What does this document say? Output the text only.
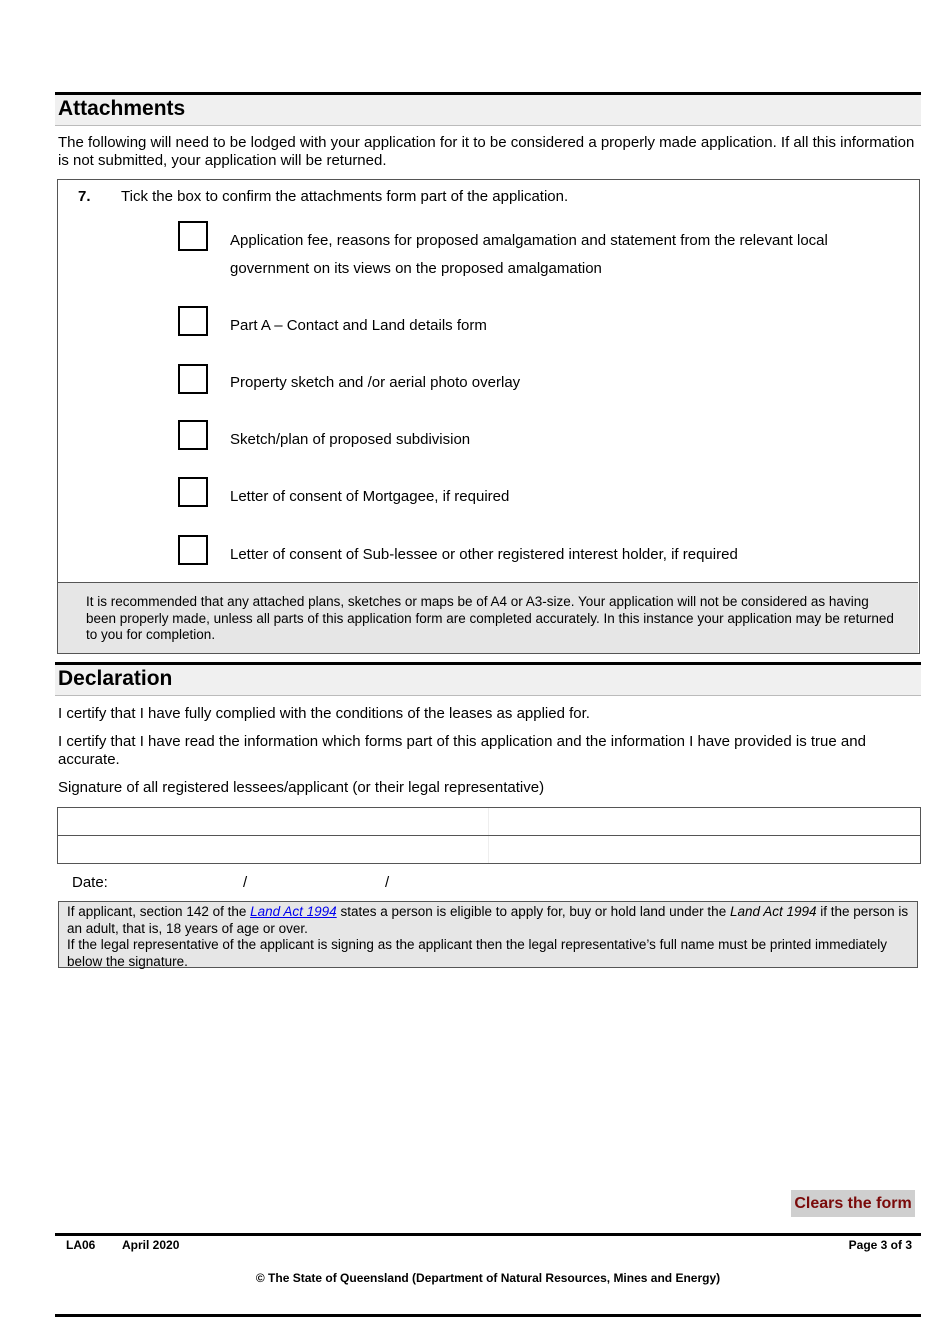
Attachments
The following will need to be lodged with your application for it to be considered a properly made application. If all this information is not submitted, your application will be returned.
7. Tick the box to confirm the attachments form part of the application.
Application fee, reasons for proposed amalgamation and statement from the relevant local government on its views on the proposed amalgamation
Part A – Contact and Land details form
Property sketch and /or aerial photo overlay
Sketch/plan of proposed subdivision
Letter of consent of Mortgagee, if required
Letter of consent of Sub-lessee or other registered interest holder, if required
It is recommended that any attached plans, sketches or maps be of A4 or A3-size. Your application will not be considered as having been properly made, unless all parts of this application form are completed accurately. In this instance your application may be returned to you for completion.
Declaration
I certify that I have fully complied with the conditions of the leases as applied for.
I certify that I have read the information which forms part of this application and the information I have provided is true and accurate.
Signature of all registered lessees/applicant (or their legal representative)
Date:	/	/
If applicant, section 142 of the Land Act 1994 states a person is eligible to apply for, buy or hold land under the Land Act 1994 if the person is an adult, that is, 18 years of age or over.
If the legal representative of the applicant is signing as the applicant then the legal representative’s full name must be printed immediately below the signature.
Clears the form
LA06 April 2020	Page 3 of 3
© The State of Queensland (Department of Natural Resources, Mines and Energy)
